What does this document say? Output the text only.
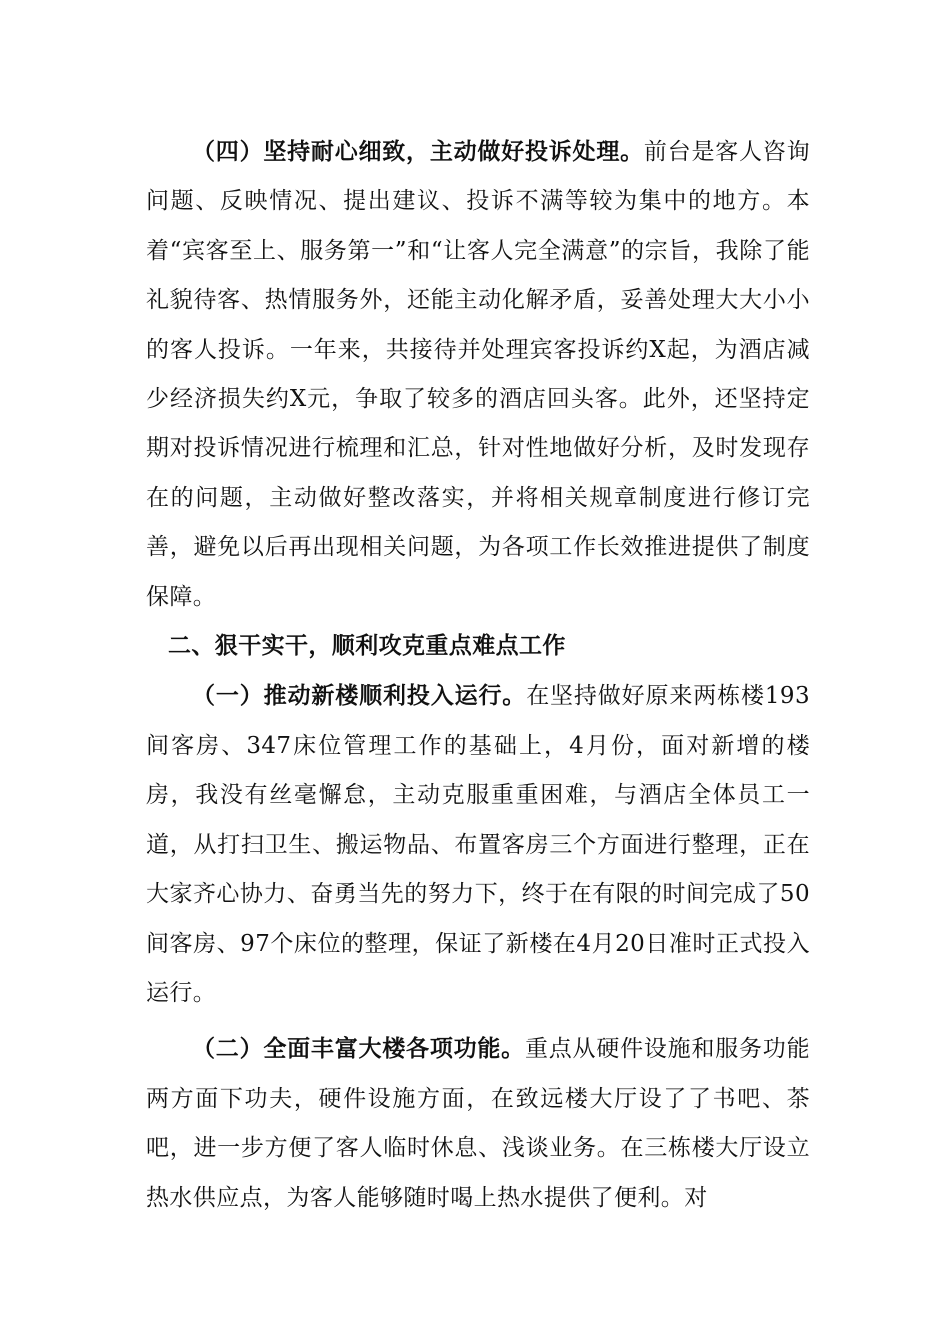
（四）坚持耐心细致，主动做好投诉处理。前台是客人咨询问题、反映情况、提出建议、投诉不满等较为集中的地方。本着“宾客至上、服务第一”和“让客人完全满意”的宗旨，我除了能礼貌待客、热情服务外，还能主动化解矛盾，妥善处理大大小小的客人投诉。一年来，共接待并处理宾客投诉约X起，为酒店减少经济损失约X元，争取了较多的酒店回头客。此外，还坚持定期对投诉情况进行梳理和汇总，针对性地做好分析，及时发现存在的问题，主动做好整改落实，并将相关规章制度进行修订完善，避免以后再出现相关问题，为各项工作长效推进提供了制度保障。

二、狠干实干，顺利攻克重点难点工作

（一）推动新楼顺利投入运行。在坚持做好原来两栋楼193间客房、347床位管理工作的基础上，4月份，面对新增的楼房，我没有丝毫懈怠，主动克服重重困难，与酒店全体员工一道，从打扫卫生、搬运物品、布置客房三个方面进行整理，正在大家齐心协力、奋勇当先的努力下，终于在有限的时间完成了50间客房、97个床位的整理，保证了新楼在4月20日准时正式投入运行。

（二）全面丰富大楼各项功能。重点从硬件设施和服务功能两方面下功夫，硬件设施方面，在致远楼大厅设了了书吧、茶吧，进一步方便了客人临时休息、浅谈业务。在三栋楼大厅设立热水供应点，为客人能够随时喝上热水提供了便利。对
